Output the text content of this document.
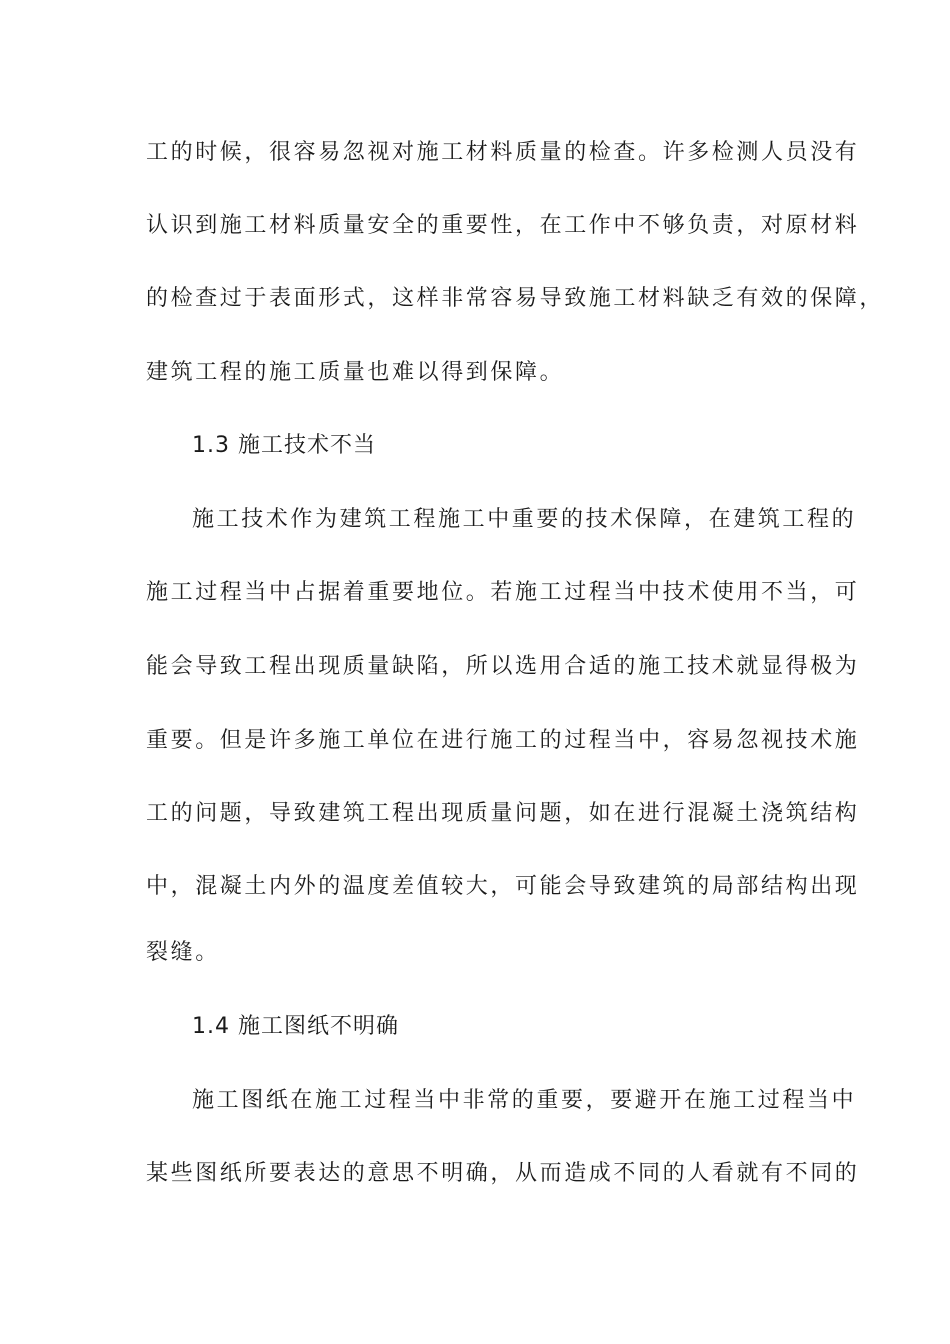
工的时候，很容易忽视对施工材料质量的检查。许多检测人员没有
认识到施工材料质量安全的重要性，在工作中不够负责，对原材料
的检查过于表面形式，这样非常容易导致施工材料缺乏有效的保障，
建筑工程的施工质量也难以得到保障。
1.3 施工技术不当
施工技术作为建筑工程施工中重要的技术保障，在建筑工程的
施工过程当中占据着重要地位。若施工过程当中技术使用不当，可
能会导致工程出现质量缺陷，所以选用合适的施工技术就显得极为
重要。但是许多施工单位在进行施工的过程当中，容易忽视技术施
工的问题，导致建筑工程出现质量问题，如在进行混凝土浇筑结构
中，混凝土内外的温度差值较大，可能会导致建筑的局部结构出现
裂缝。
1.4 施工图纸不明确
施工图纸在施工过程当中非常的重要，要避开在施工过程当中
某些图纸所要表达的意思不明确，从而造成不同的人看就有不同的
